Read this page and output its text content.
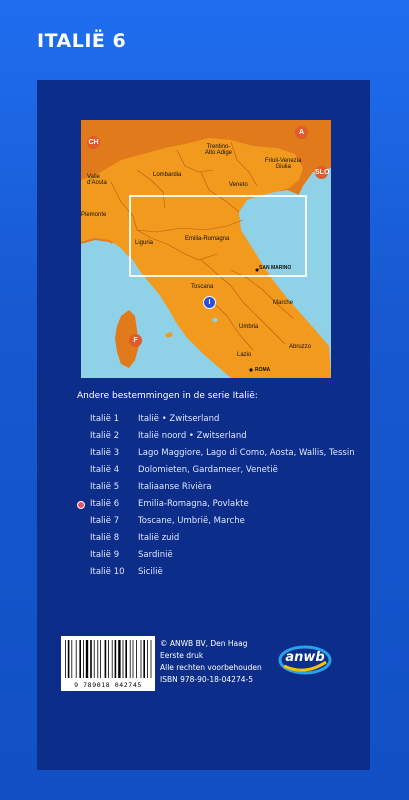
ITALIË 6
Lombardia
Trentino-
Alto Adige
Friuli-Venezia
Giulia
Veneto
Valle
d'Aosta
Piemonte
Liguria
Emilia-Romagna
SAN MARINO
Toscana
Marche
Umbria
Abruzzo
Lazio
ROMA
CH
A
SLO
F
I
Andere bestemmingen in de serie Italië:
Italië 1 Italië • Zwitserland
Italië 2 Italië noord • Zwitserland
Italië 3 Lago Maggiore, Lago di Como, Aosta, Wallis, Tessin
Italië 4 Dolomieten, Gardameer, Venetië
Italië 5 Italiaanse Rivièra
Italië 6 Emilia-Romagna, Povlakte
Italië 7 Toscane, Umbrië, Marche
Italië 8 Italië zuid
Italië 9 Sardinië
Italië 10 Sicilië
9 789018 042745
© ANWB BV, Den Haag
Eerste druk
Alle rechten voorbehouden
ISBN 978-90-18-04274-5
anwb
